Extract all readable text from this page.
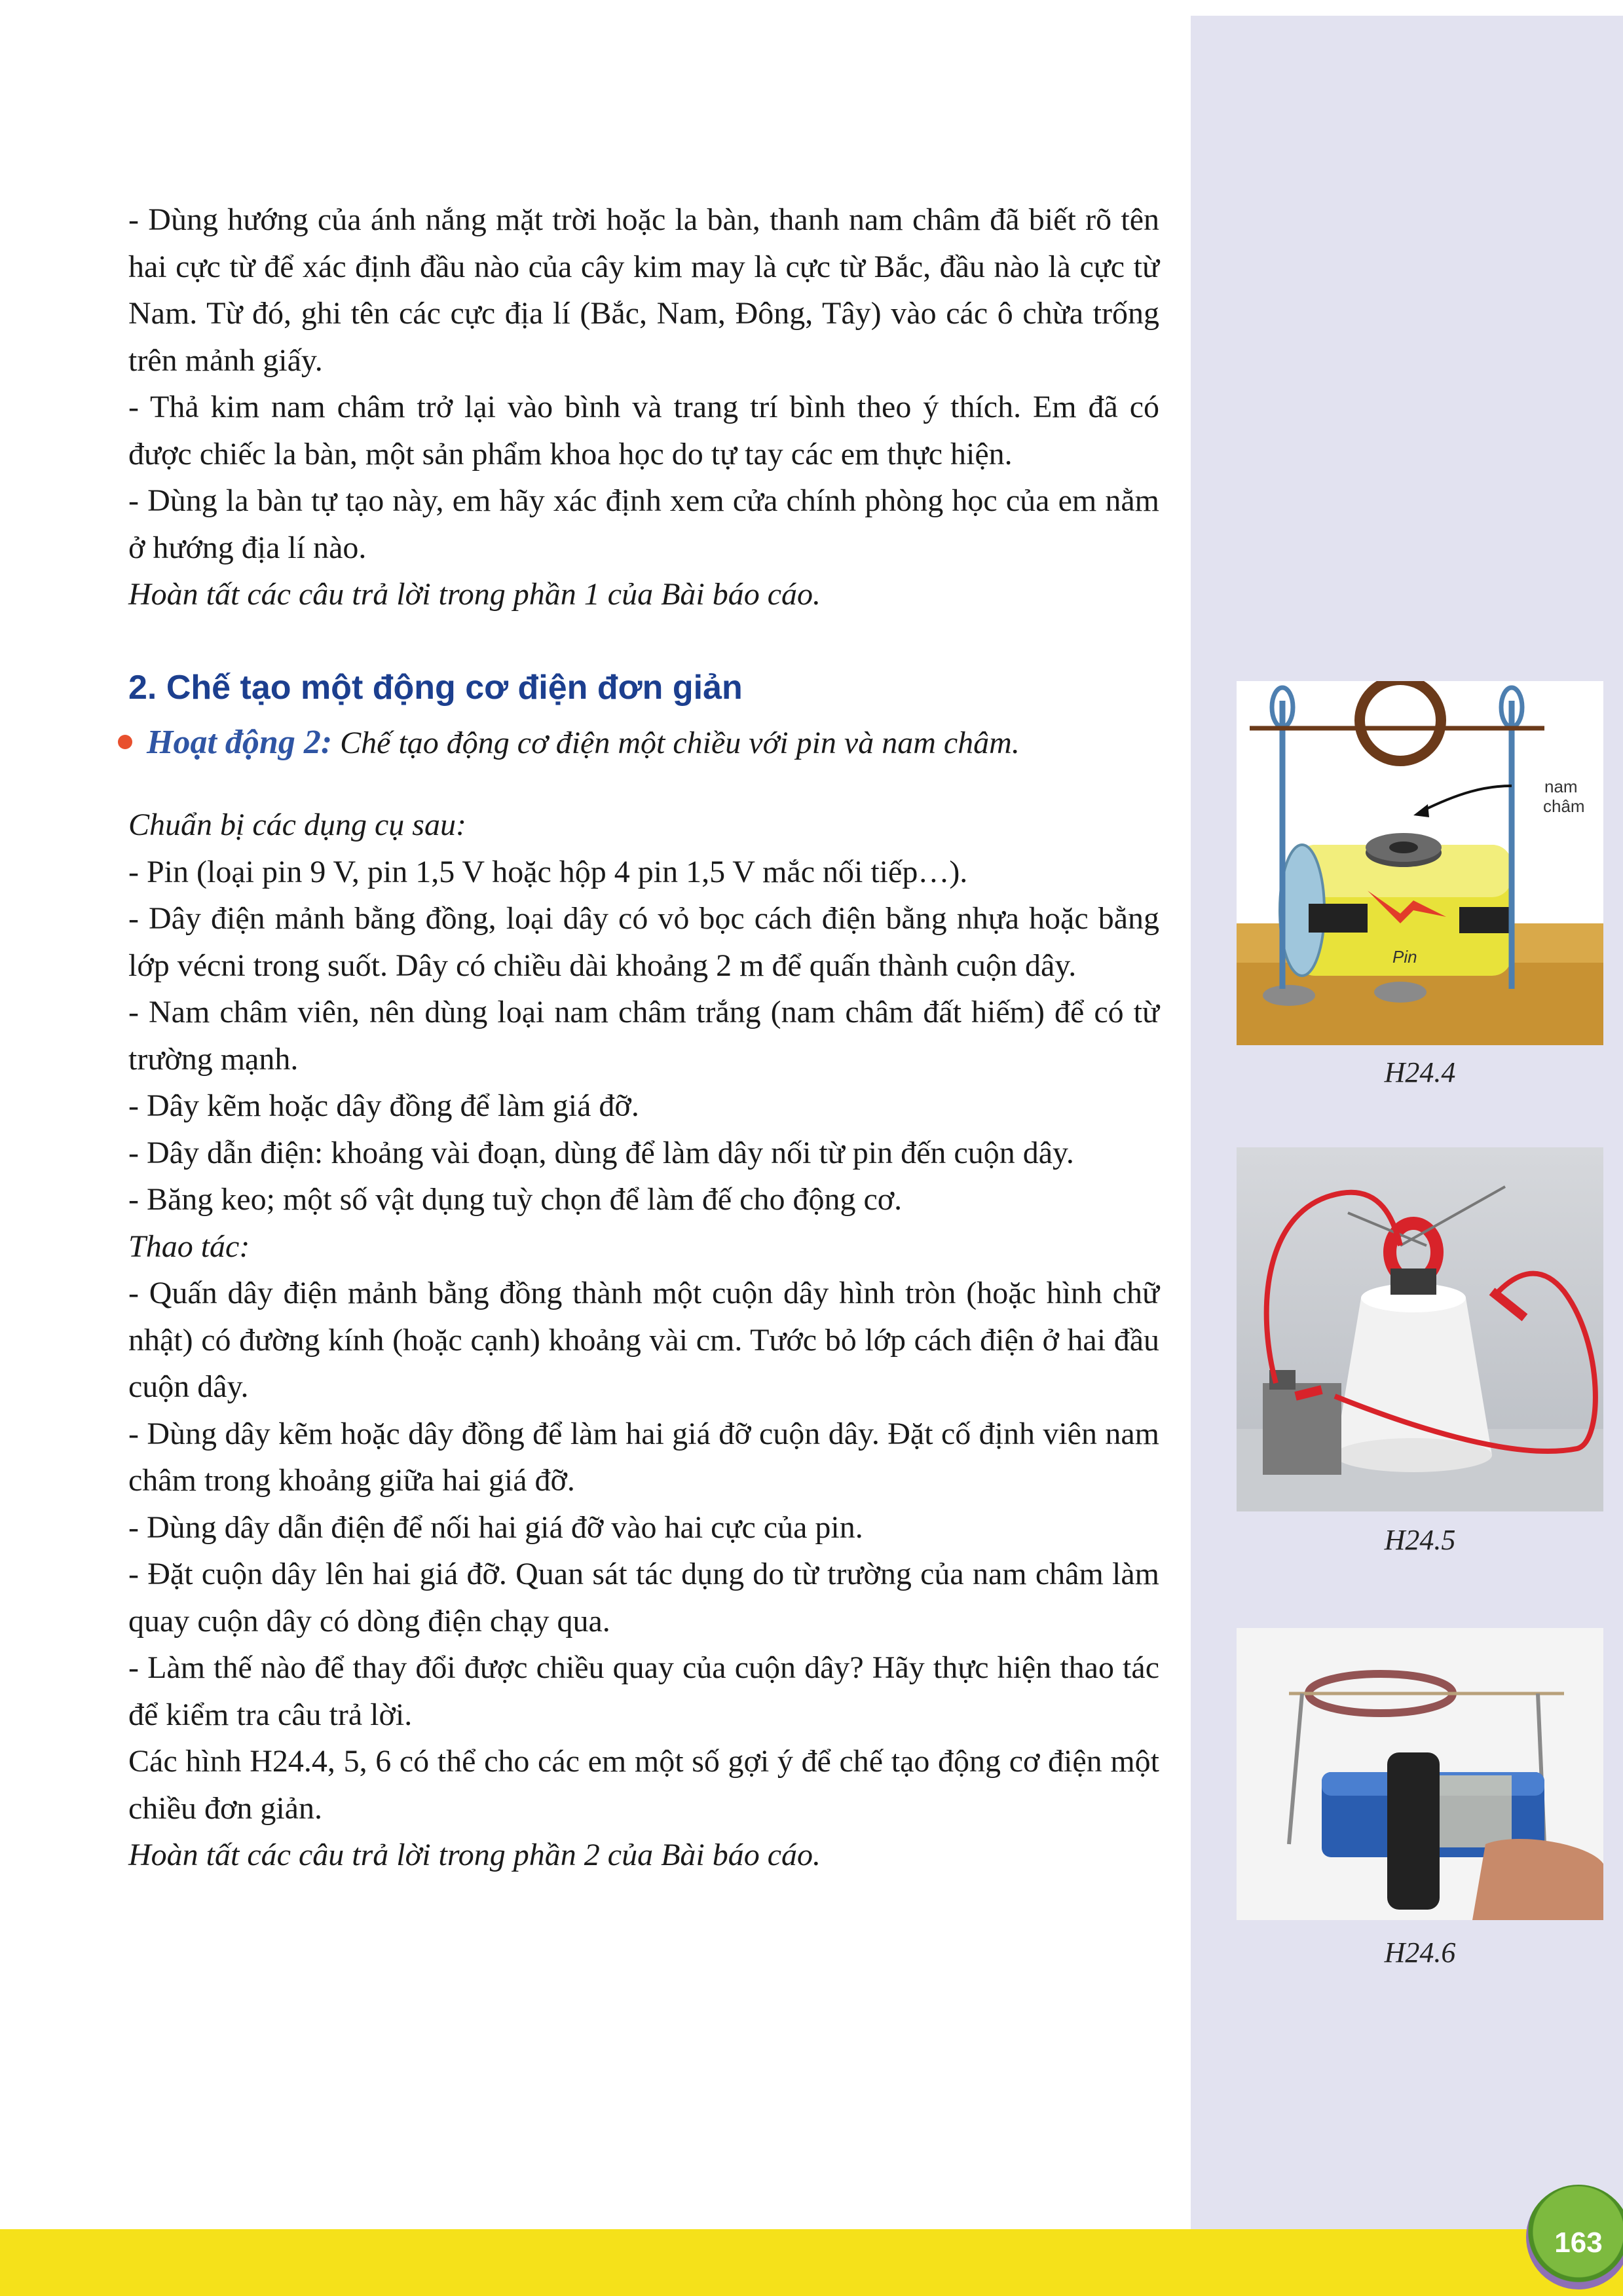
163

- Dùng hướng của ánh nắng mặt trời hoặc la bàn, thanh nam châm đã biết rõ tên hai cực từ để xác định đầu nào của cây kim may là cực từ Bắc, đầu nào là cực từ Nam. Từ đó, ghi tên các cực địa lí (Bắc, Nam, Đông, Tây) vào các ô chừa trống trên mảnh giấy.

- Thả kim nam châm trở lại vào bình và trang trí bình theo ý thích. Em đã có được chiếc la bàn, một sản phẩm khoa học do tự tay các em thực hiện.

- Dùng la bàn tự tạo này, em hãy xác định xem cửa chính phòng học của em nằm ở hướng địa lí nào.

Hoàn tất các câu trả lời trong phần 1 của Bài báo cáo.

2. Chế tạo một động cơ điện đơn giản
Hoạt động 2: Chế tạo động cơ điện một chiều với pin và nam châm.

Chuẩn bị các dụng cụ sau:

- Pin (loại pin 9 V, pin 1,5 V hoặc hộp 4 pin 1,5 V mắc nối tiếp…).

- Dây điện mảnh bằng đồng, loại dây có vỏ bọc cách điện bằng nhựa hoặc bằng lớp vécni trong suốt. Dây có chiều dài khoảng 2 m để quấn thành cuộn dây.

- Nam châm viên, nên dùng loại nam châm trắng (nam châm đất hiếm) để có từ trường mạnh.

- Dây kẽm hoặc dây đồng để làm giá đỡ.

- Dây dẫn điện: khoảng vài đoạn, dùng để làm dây nối từ pin đến cuộn dây.

- Băng keo; một số vật dụng tuỳ chọn để làm đế cho động cơ.

Thao tác:

- Quấn dây điện mảnh bằng đồng thành một cuộn dây hình tròn (hoặc hình chữ nhật) có đường kính (hoặc cạnh) khoảng vài cm. Tước bỏ lớp cách điện ở hai đầu cuộn dây.

- Dùng dây kẽm hoặc dây đồng để làm hai giá đỡ cuộn dây. Đặt cố định viên nam châm trong khoảng giữa hai giá đỡ.

- Dùng dây dẫn điện để nối hai giá đỡ vào hai cực của pin.

- Đặt cuộn dây lên hai giá đỡ. Quan sát tác dụng do từ trường của nam châm làm quay cuộn dây có dòng điện chạy qua.

- Làm thế nào để thay đổi được chiều quay của cuộn dây? Hãy thực hiện thao tác để kiểm tra câu trả lời.

Các hình H24.4, 5, 6 có thể cho các em một số gợi ý để chế tạo động cơ điện một chiều đơn giản.

Hoàn tất các câu trả lời trong phần 2 của Bài báo cáo.

nam châm
Pin
H24.4
H24.5
H24.6
